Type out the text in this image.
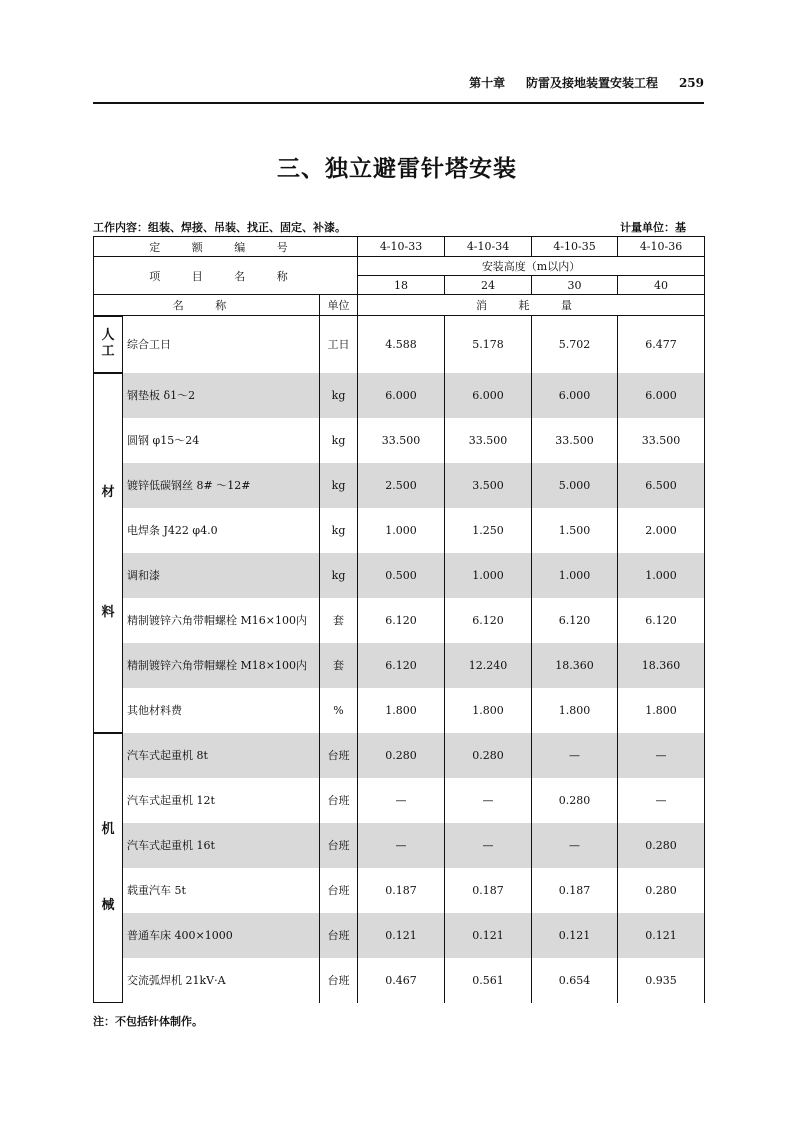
第十章 防雷及接地装置安装工程 259
三、独立避雷针塔安装
工作内容：组装、焊接、吊装、找正、固定、补漆。	计量单位：基
定 额 编 号			4-10-33	4-10-34	4-10-35	4-10-36
项 目 名 称			安装高度（m以内）			
			18	24	30	40
名 称		单位	消 耗 量			

人
工	综合工日	工日	4.588	5.178	5.702	6.477

材
料	钢垫板 δ1～2	kg	6.000	6.000	6.000	6.000
	圆钢 φ15～24	kg	33.500	33.500	33.500	33.500
	镀锌低碳钢丝 8# ～12#	kg	2.500	3.500	5.000	6.500
	电焊条 J422 φ4.0	kg	1.000	1.250	1.500	2.000
	调和漆	kg	0.500	1.000	1.000	1.000
	精制镀锌六角带帽螺栓 M16×100内	套	6.120	6.120	6.120	6.120
	精制镀锌六角带帽螺栓 M18×100内	套	6.120	12.240	18.360	18.360
	其他材料费	%	1.800	1.800	1.800	1.800

机
械	汽车式起重机 8t	台班	0.280	0.280	—	—
	汽车式起重机 12t	台班	—	—	0.280	—
	汽车式起重机 16t	台班	—	—	—	0.280
	载重汽车 5t	台班	0.187	0.187	0.187	0.280
	普通车床 400×1000	台班	0.121	0.121	0.121	0.121
	交流弧焊机 21kV·A	台班	0.467	0.561	0.654	0.935
注：不包括针体制作。
